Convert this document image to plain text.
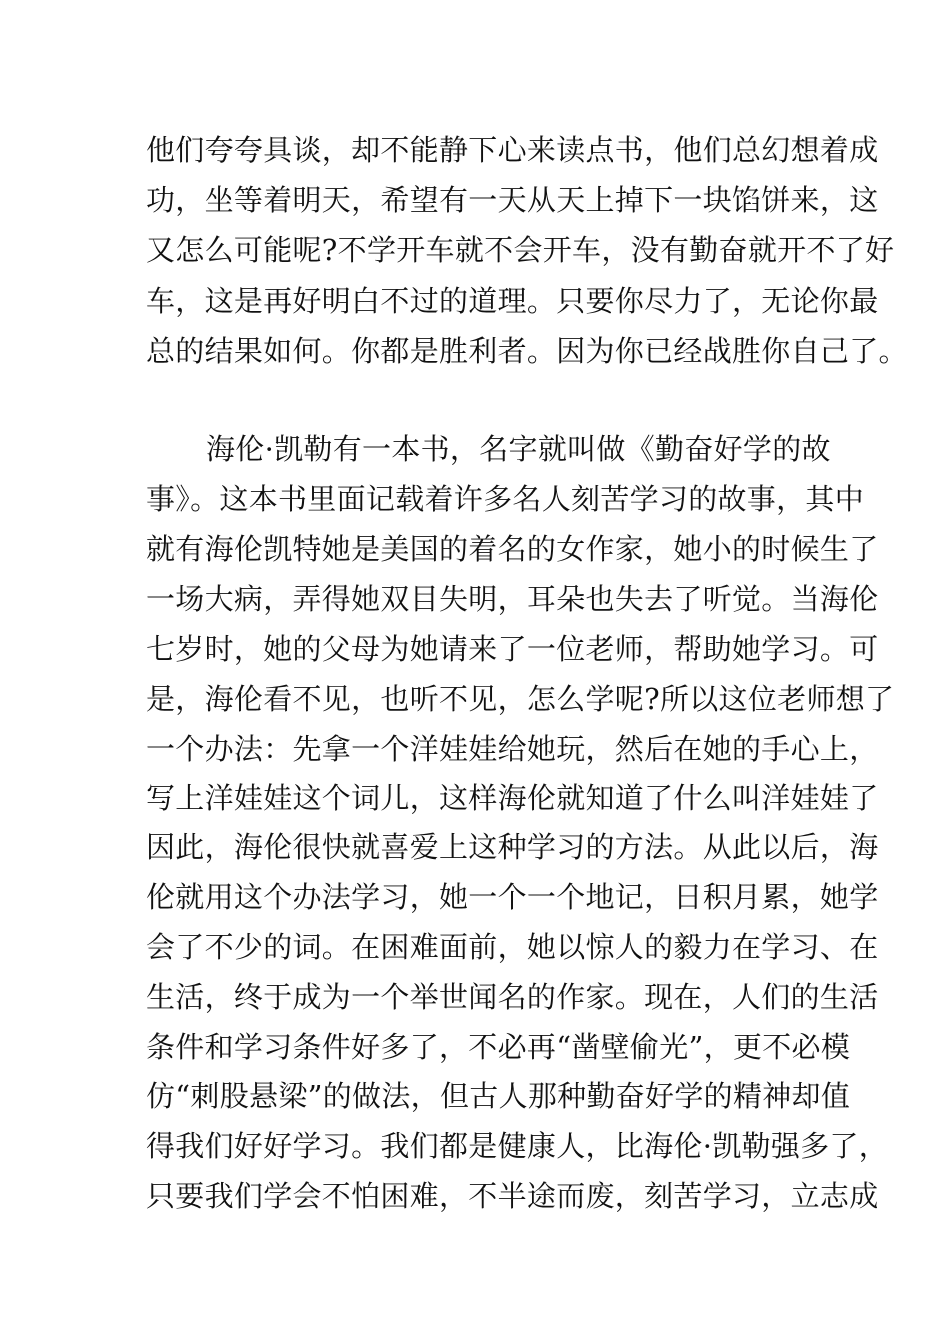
他们夸夸具谈，却不能静下心来读点书，他们总幻想着成
功，坐等着明天，希望有一天从天上掉下一块馅饼来，这
又怎么可能呢?不学开车就不会开车，没有勤奋就开不了好
车，这是再好明白不过的道理。只要你尽力了，无论你最
总的结果如何。你都是胜利者。因为你已经战胜你自己了。
海伦·凯勒有一本书，名字就叫做《勤奋好学的故
事》。这本书里面记载着许多名人刻苦学习的故事，其中
就有海伦凯特她是美国的着名的女作家，她小的时候生了
一场大病，弄得她双目失明，耳朵也失去了听觉。当海伦
七岁时，她的父母为她请来了一位老师，帮助她学习。可
是，海伦看不见，也听不见，怎么学呢?所以这位老师想了
一个办法：先拿一个洋娃娃给她玩，然后在她的手心上，
写上洋娃娃这个词儿，这样海伦就知道了什么叫洋娃娃了
因此，海伦很快就喜爱上这种学习的方法。从此以后，海
伦就用这个办法学习，她一个一个地记，日积月累，她学
会了不少的词。在困难面前，她以惊人的毅力在学习、在
生活，终于成为一个举世闻名的作家。现在，人们的生活
条件和学习条件好多了，不必再“凿壁偷光”，更不必模
仿“刺股悬梁”的做法，但古人那种勤奋好学的精神却值
得我们好好学习。我们都是健康人，比海伦·凯勒强多了，
只要我们学会不怕困难，不半途而废，刻苦学习，立志成
